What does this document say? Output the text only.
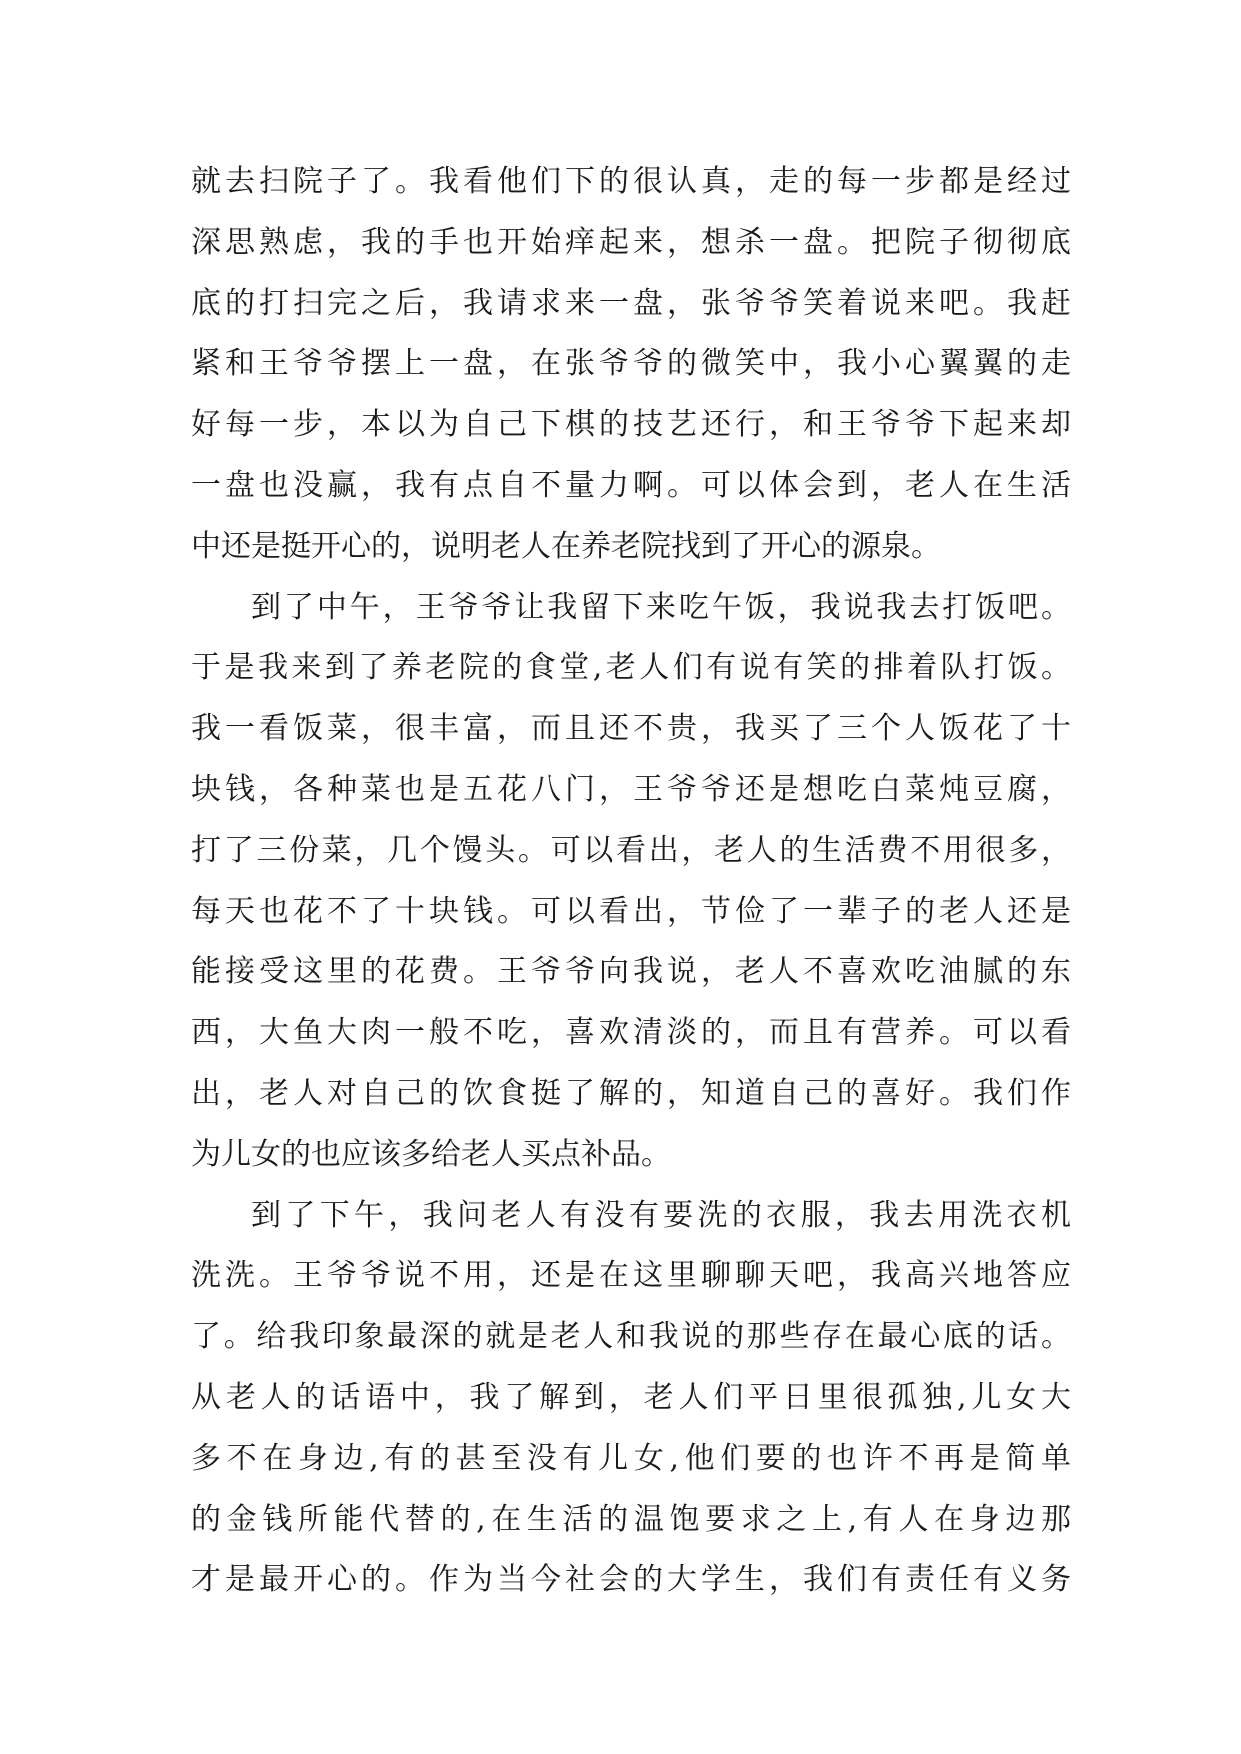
就去扫院子了。我看他们下的很认真，走的每一步都是经过
深思熟虑，我的手也开始痒起来，想杀一盘。把院子彻彻底
底的打扫完之后，我请求来一盘，张爷爷笑着说来吧。我赶
紧和王爷爷摆上一盘，在张爷爷的微笑中，我小心翼翼的走
好每一步，本以为自己下棋的技艺还行，和王爷爷下起来却
一盘也没赢，我有点自不量力啊。可以体会到，老人在生活
中还是挺开心的，说明老人在养老院找到了开心的源泉。
到了中午，王爷爷让我留下来吃午饭，我说我去打饭吧。
于是我来到了养老院的食堂,老人们有说有笑的排着队打饭。
我一看饭菜，很丰富，而且还不贵，我买了三个人饭花了十
块钱，各种菜也是五花八门，王爷爷还是想吃白菜炖豆腐，
打了三份菜，几个馒头。可以看出，老人的生活费不用很多，
每天也花不了十块钱。可以看出，节俭了一辈子的老人还是
能接受这里的花费。王爷爷向我说，老人不喜欢吃油腻的东
西，大鱼大肉一般不吃，喜欢清淡的，而且有营养。可以看
出，老人对自己的饮食挺了解的，知道自己的喜好。我们作
为儿女的也应该多给老人买点补品。
到了下午，我问老人有没有要洗的衣服，我去用洗衣机
洗洗。王爷爷说不用，还是在这里聊聊天吧，我高兴地答应
了。给我印象最深的就是老人和我说的那些存在最心底的话。
从老人的话语中，我了解到，老人们平日里很孤独,儿女大
多不在身边,有的甚至没有儿女,他们要的也许不再是简单
的金钱所能代替的,在生活的温饱要求之上,有人在身边那
才是最开心的。作为当今社会的大学生，我们有责任有义务
